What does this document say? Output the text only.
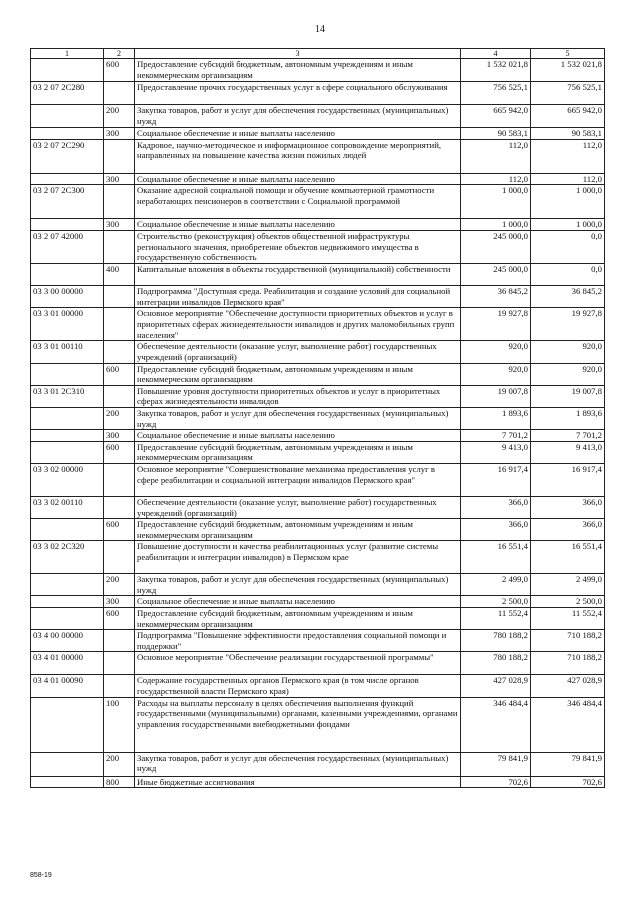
14
1	2	3	4	5
	600	Предоставление субсидий бюджетным, автономным учреждениям и иным некоммерческим организациям	1 532 021,8	1 532 021,8
03 2 07 2С280		Предоставление прочих государственных услуг в сфере социального обслуживания	756 525,1	756 525,1
	200	Закупка товаров, работ и услуг для обеспечения государственных (муниципальных) нужд	665 942,0	665 942,0
	300	Социальное обеспечение и иные выплаты населению	90 583,1	90 583,1
03 2 07 2С290		Кадровое, научно-методическое и информационное сопровождение мероприятий, направленных на повышение качества жизни пожилых людей	112,0	112,0
	300	Социальное обеспечение и иные выплаты населению	112,0	112,0
03 2 07 2С300		Оказание адресной социальной помощи и обучение компьютерной грамотности неработающих пенсионеров в соответствии с Социальной программой	1 000,0	1 000,0
	300	Социальное обеспечение и иные выплаты населению	1 000,0	1 000,0
03 2 07 42000		Строительство (реконструкция) объектов общественной инфраструктуры регионального значения, приобретение объектов недвижимого имущества в государственную собственность	245 000,0	0,0
	400	Капитальные вложения в объекты государственной (муниципальной) собственности	245 000,0	0,0
03 3 00 00000		Подпрограмма "Доступная среда. Реабилитация и создание условий для социальной интеграции инвалидов Пермского края"	36 845,2	36 845,2
03 3 01 00000		Основное мероприятие "Обеспечение доступности приоритетных объектов и услуг в приоритетных сферах жизнедеятельности инвалидов и других маломобильных групп населения"	19 927,8	19 927,8
03 3 01 00110		Обеспечение деятельности (оказание услуг, выполнение работ) государственных учреждений (организаций)	920,0	920,0
	600	Предоставление субсидий бюджетным, автономным учреждениям и иным некоммерческим организациям	920,0	920,0
03 3 01 2С310		Повышение уровня доступности приоритетных объектов и услуг в приоритетных сферах жизнедеятельности инвалидов	19 007,8	19 007,8
	200	Закупка товаров, работ и услуг для обеспечения государственных (муниципальных) нужд	1 893,6	1 893,6
	300	Социальное обеспечение и иные выплаты населению	7 701,2	7 701,2
	600	Предоставление субсидий бюджетным, автономным учреждениям и иным некоммерческим организациям	9 413,0	9 413,0
03 3 02 00000		Основное мероприятие "Совершенствование механизма предоставления услуг в сфере реабилитации и социальной интеграции инвалидов Пермского края"	16 917,4	16 917,4
03 3 02 00110		Обеспечение деятельности (оказание услуг, выполнение работ) государственных учреждений (организаций)	366,0	366,0
	600	Предоставление субсидий бюджетным, автономным учреждениям и иным некоммерческим организациям	366,0	366,0
03 3 02 2С320		Повышение доступности и качества реабилитационных услуг (развитие системы реабилитации и интеграции инвалидов) в Пермском крае	16 551,4	16 551,4
	200	Закупка товаров, работ и услуг для обеспечения государственных (муниципальных) нужд	2 499,0	2 499,0
	300	Социальное обеспечение и иные выплаты населению	2 500,0	2 500,0
	600	Предоставление субсидий бюджетным, автономным учреждениям и иным некоммерческим организациям	11 552,4	11 552,4
03 4 00 00000		Подпрограмма "Повышение эффективности предоставления социальной помощи и поддержки"	780 188,2	710 188,2
03 4 01 00000		Основное мероприятие "Обеспечение реализации государственной программы"	780 188,2	710 188,2
03 4 01 00090		Содержание государственных органов Пермского края (в том числе органов государственной власти Пермского края)	427 028,9	427 028,9
	100	Расходы на выплаты персоналу в целях обеспечения выполнения функций государственными (муниципальными) органами, казенными учреждениями, органами управления государственными внебюджетными фондами	346 484,4	346 484,4
	200	Закупка товаров, работ и услуг для обеспечения государственных (муниципальных) нужд	79 841,9	79 841,9
	800	Иные бюджетные ассигнования	702,6	702,6
858-19
